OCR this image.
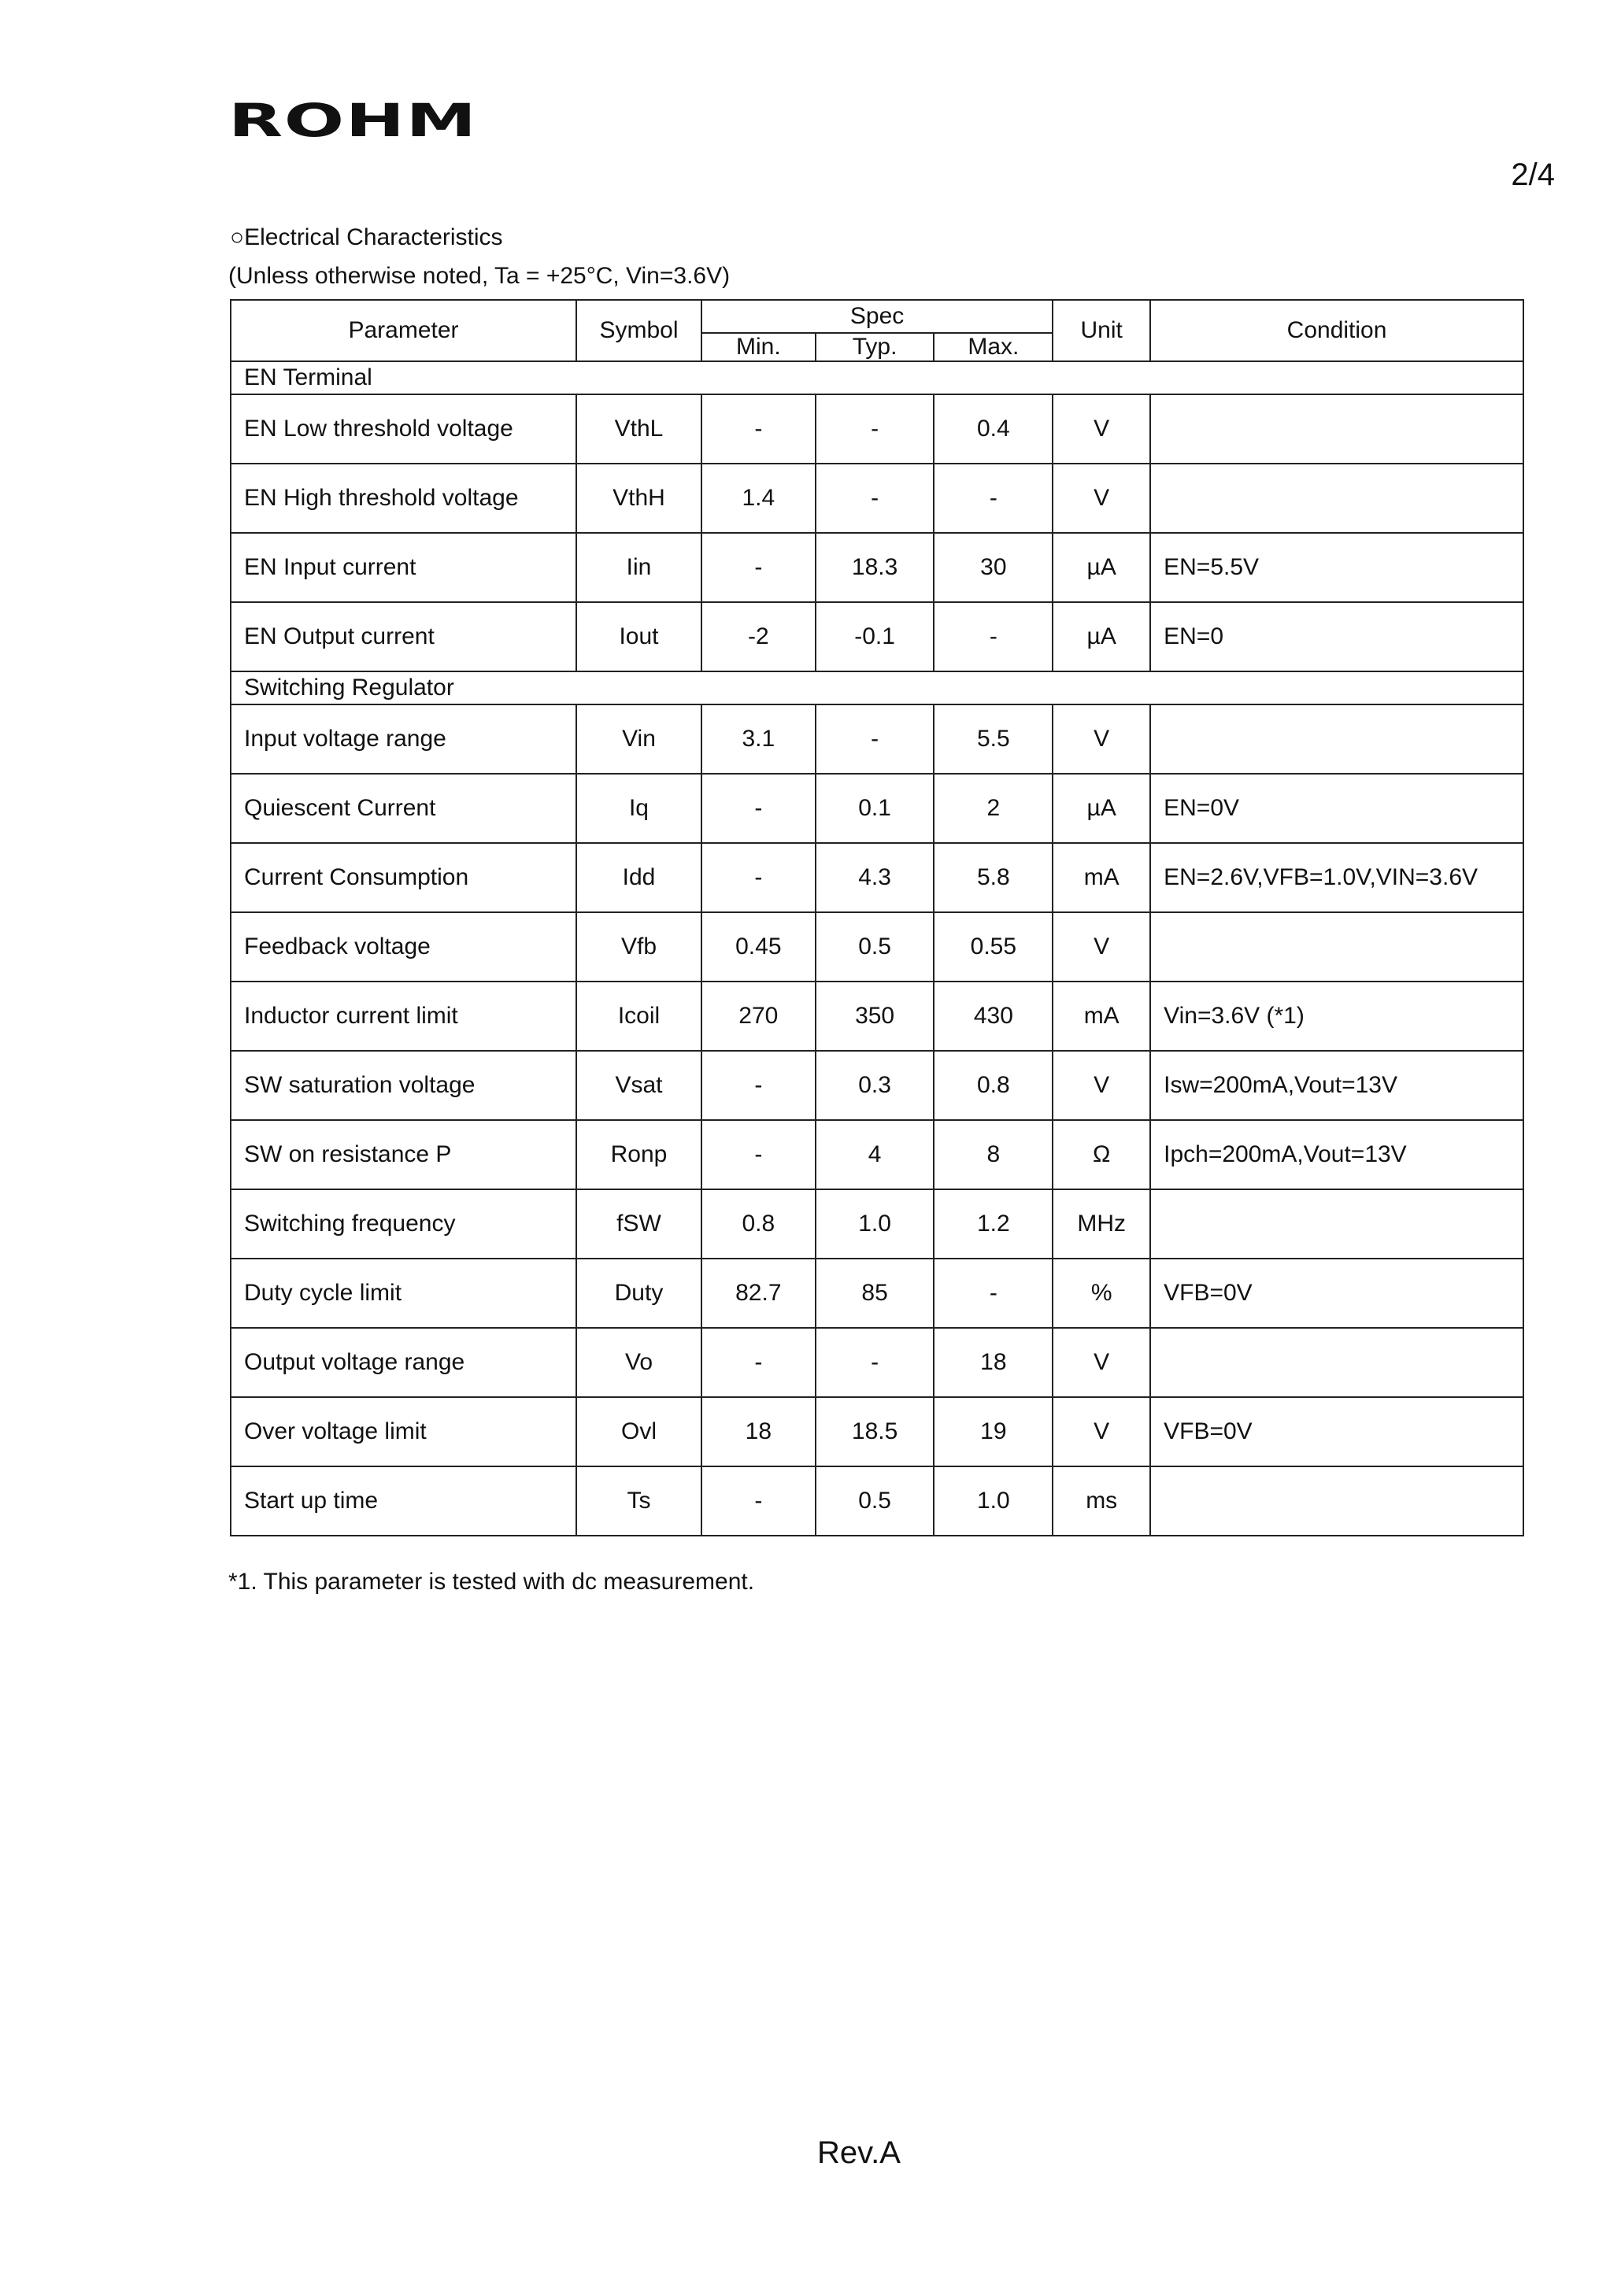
ROHM
2/4
○Electrical Characteristics
(Unless otherwise noted, Ta = +25°C, Vin=3.6V)
Parameter	Symbol	Spec			Unit	Condition
		Min.	Typ.	Max.		
EN Terminal						
EN Low threshold voltage	VthL	-	-	0.4	V	
EN High threshold voltage	VthH	1.4	-	-	V	
EN Input current	Iin	-	18.3	30	µA	EN=5.5V
EN Output current	Iout	-2	-0.1	-	µA	EN=0
Switching Regulator						
Input voltage range	Vin	3.1	-	5.5	V	
Quiescent Current	Iq	-	0.1	2	µA	EN=0V
Current Consumption	Idd	-	4.3	5.8	mA	EN=2.6V,VFB=1.0V,VIN=3.6V
Feedback voltage	Vfb	0.45	0.5	0.55	V	
Inductor current limit	Icoil	270	350	430	mA	Vin=3.6V (*1)
SW saturation voltage	Vsat	-	0.3	0.8	V	Isw=200mA,Vout=13V
SW on resistance P	Ronp	-	4	8	Ω	Ipch=200mA,Vout=13V
Switching frequency	fSW	0.8	1.0	1.2	MHz	
Duty cycle limit	Duty	82.7	85	-	%	VFB=0V
Output voltage range	Vo	-	-	18	V	
Over voltage limit	Ovl	18	18.5	19	V	VFB=0V
Start up time	Ts	-	0.5	1.0	ms	
*1. This parameter is tested with dc measurement.
Rev.A
